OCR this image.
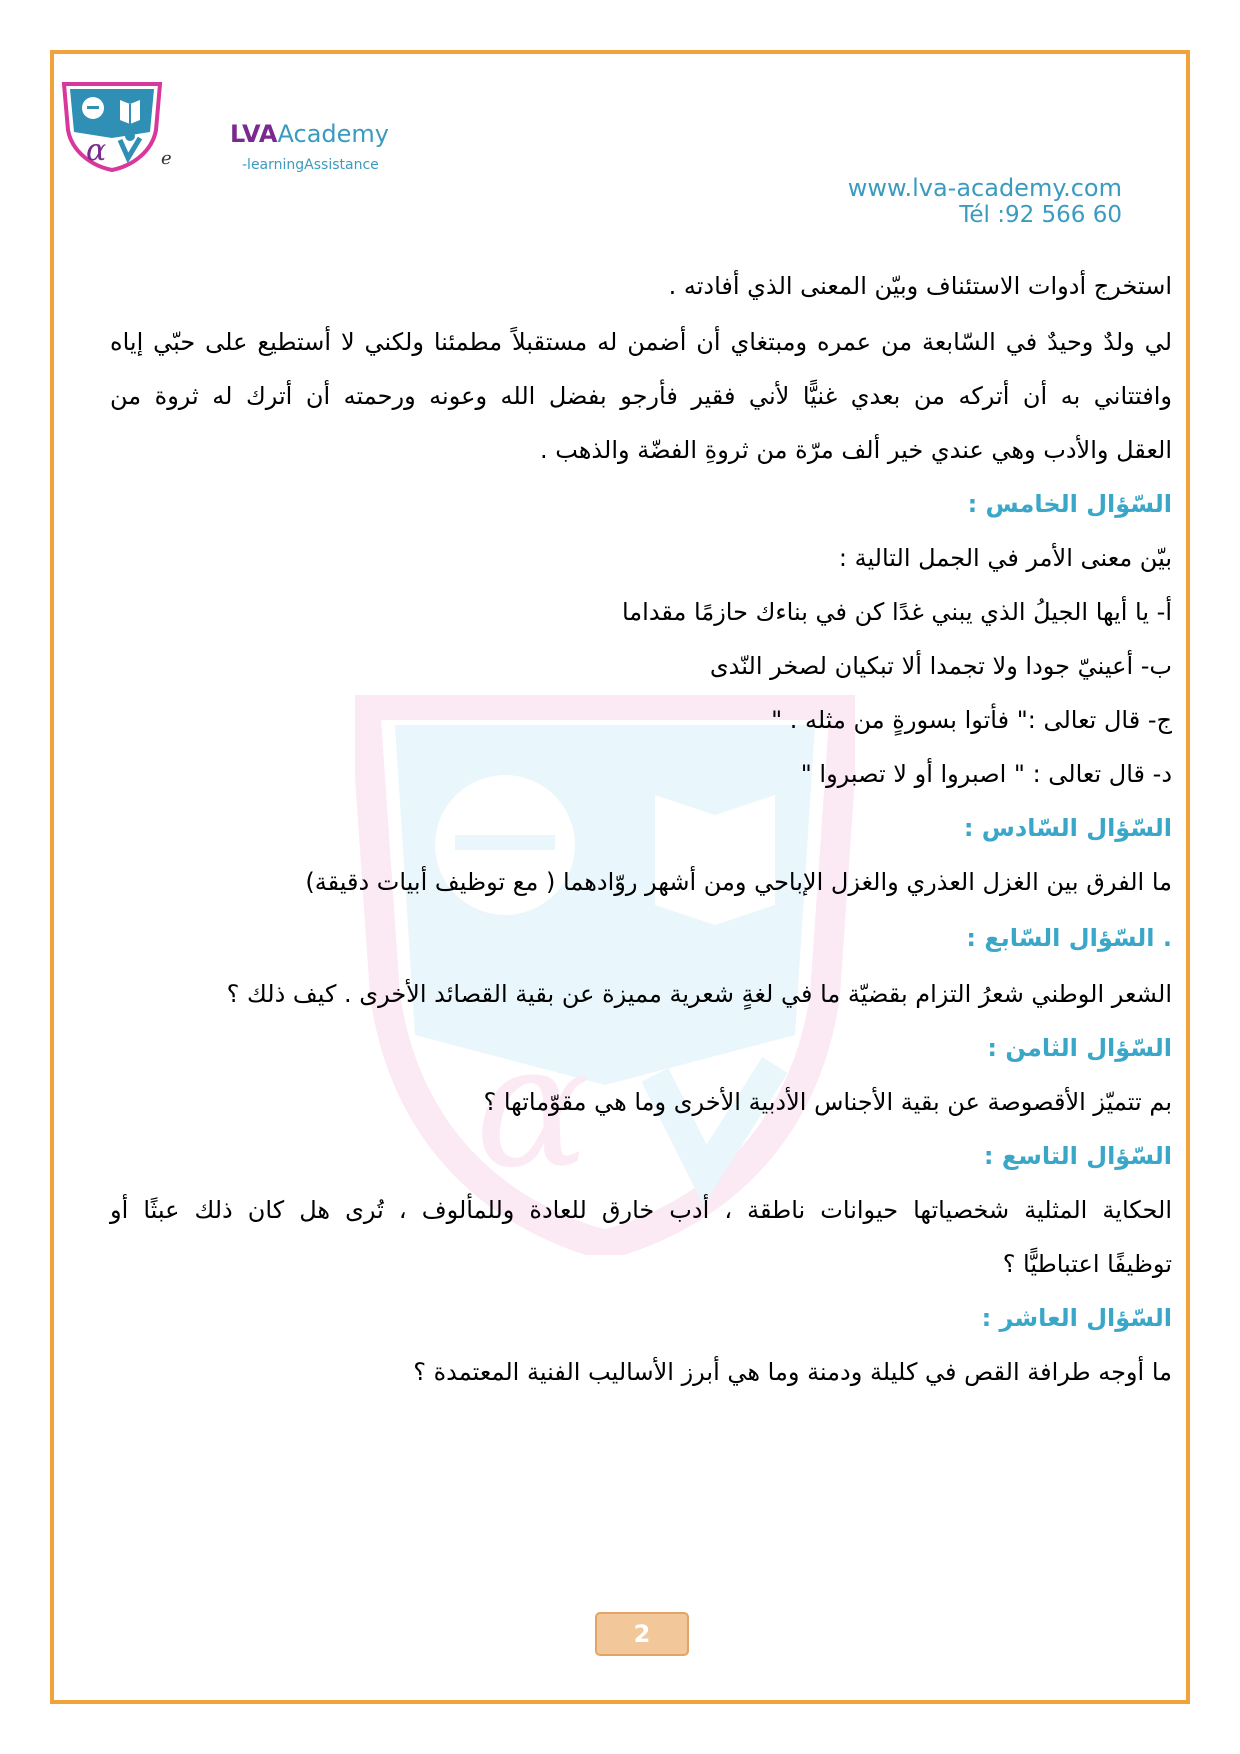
α	e
LVAAcademy
-learningAssistance
www.lva-academy.com
Tél :92 566 60
α
استخرج أدوات الاستئناف وبيّن المعنى الذي أفادته .
لي ولدٌ وحيدٌ في السّابعة من عمره ومبتغاي أن أضمن له مستقبلاً مطمئنا ولكني لا أستطيع على حبّي إياه
وافتتاني به أن أتركه من بعدي غنيًّا لأني فقير فأرجو بفضل الله وعونه ورحمته أن أترك له ثروة من
العقل والأدب وهي عندي خير ألف مرّة من ثروةِ الفضّة والذهب .
السّؤال الخامس :
بيّن معنى الأمر في الجمل التالية :
أ- يا أيها الجيلُ الذي يبني غدًا كن في بناءك حازمًا مقداما
ب- أعينيّ جودا ولا تجمدا ألا تبكيان لصخر النّدى
ج- قال تعالى :" فأتوا بسورةٍ من مثله . "
د- قال تعالى : " اصبروا أو لا تصبروا "
السّؤال السّادس :
ما الفرق بين الغزل العذري والغزل الإباحي ومن أشهر روّادهما ( مع توظيف أبيات دقيقة)
. السّؤال السّابع :
الشعر الوطني شعرُ التزام بقضيّة ما في لغةٍ شعرية مميزة عن بقية القصائد الأخرى . كيف ذلك ؟
السّؤال الثامن :
بم تتميّز الأقصوصة عن بقية الأجناس الأدبية الأخرى وما هي مقوّماتها ؟
السّؤال التاسع :
الحكاية المثلية شخصياتها حيوانات ناطقة ، أدب خارق للعادة وللمألوف ، تُرى هل كان ذلك عبثًا أو
توظيفًا اعتباطيًّا ؟
السّؤال العاشر :
ما أوجه طرافة القص في كليلة ودمنة وما هي أبرز الأساليب الفنية المعتمدة ؟
2
